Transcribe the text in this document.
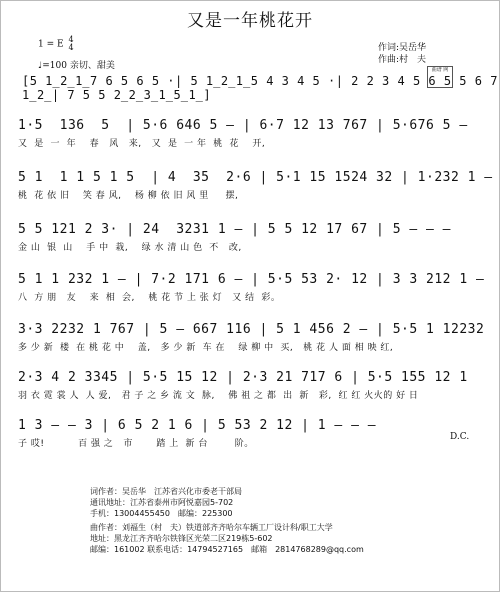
又是一年桃花开
1 = E 4
4
♩=100 亲切、甜美
作词:吴岳华
作曲:村　夫
曲谱 网
[5 1̲2̲1̲7 6 5 6 5 ·| 5 1̲2̲1̲5 4 3 4 5 ·| 2 2 3 4 5 6 5 5 6 7 1̲2̲| 7 5 5 2̲2̲3̲1̲5̲1̲]
1·5  136  5  | 5·6 646 5 – | 6·7 12 13 767 | 5·676 5 –
又  是  一  年    春   风   来,   又  是  一 年  桃  花    开,
5 1  1 1 5 1 5  | 4  35  2·6 | 5·1 15 1524 32 | 1·232 1 –
桃  花 依 旧    笑 春 风,    杨 柳 依 旧 风 里     摆,
5 5 121 2 3· | 24  3231 1 – | 5 5 12 17 67 | 5 – – –
金 山  银  山    手 中  栽,    绿 水 清 山 色  不   改,
5 1 1 232 1 – | 7·2 171 6 – | 5·5 53 2· 12 | 3 3 212 1 –
八  方 朋   友    来  相  会,    桃 花 节 上 张 灯   又 结  彩。
3·3 2232 1 767 | 5 – 667 116 | 5 1 456 2 – | 5·5 1 12232
多 少 新  楼  在 桃 花 中    盖,   多 少 新  车 在    绿 柳 中  买,   桃 花 人 面 相 映 红,
2·3 4 2 3345 | 5·5 15 12 | 2·3 21 717 6 | 5·5 155 12 1
羽 衣 霓 裳 人  人 爱,   君 子 之 乡 流 文  脉,    佛 祖 之 都  出  新   彩,  红 红 火火的 好 日
1 3 – – 3 | 6 5 2 1 6 | 5 53 2 12 | 1 – – –
子 哎!          百 强 之   市       踏 上  新 台        阶。
D.C.
词作者：吴岳华　江苏省兴化市委老干部局
通讯地址：江苏省泰州市阿悦嘉园5-702
手机：13004455450　邮编：225300
曲作者：刘福生（村　夫）铁道部齐齐哈尔车辆工厂设计科/职工大学
地址：黑龙江齐齐哈尔铁锋区光荣二区219栋5-602
邮编：161002 联系电话：14794527165　邮箱　2814768289@qq.com
